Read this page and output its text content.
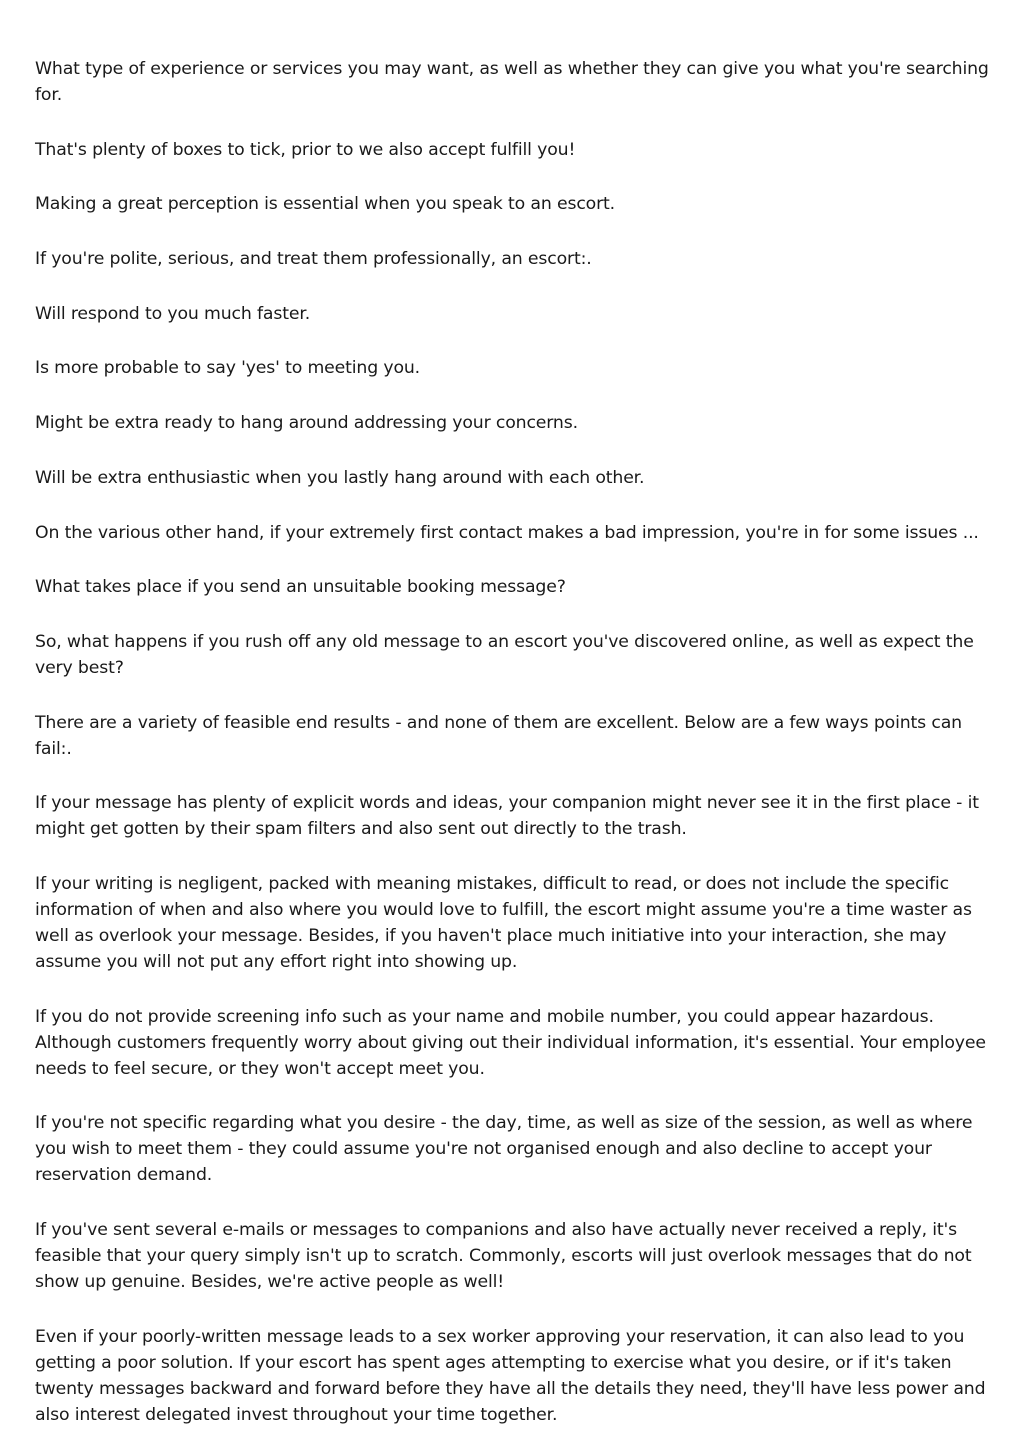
What type of experience or services you may want, as well as whether they can give you what you're searching for.

That's plenty of boxes to tick, prior to we also accept fulfill you!

Making a great perception is essential when you speak to an escort.

If you're polite, serious, and treat them professionally, an escort:.

Will respond to you much faster.

Is more probable to say 'yes' to meeting you.

Might be extra ready to hang around addressing your concerns.

Will be extra enthusiastic when you lastly hang around with each other.

On the various other hand, if your extremely first contact makes a bad impression, you're in for some issues ...

What takes place if you send an unsuitable booking message?

So, what happens if you rush off any old message to an escort you've discovered online, as well as expect the very best?

There are a variety of feasible end results - and none of them are excellent. Below are a few ways points can fail:.

If your message has plenty of explicit words and ideas, your companion might never see it in the first place - it might get gotten by their spam filters and also sent out directly to the trash.

If your writing is negligent, packed with meaning mistakes, difficult to read, or does not include the specific information of when and also where you would love to fulfill, the escort might assume you're a time waster as well as overlook your message. Besides, if you haven't place much initiative into your interaction, she may assume you will not put any effort right into showing up.

If you do not provide screening info such as your name and mobile number, you could appear hazardous. Although customers frequently worry about giving out their individual information, it's essential. Your employee needs to feel secure, or they won't accept meet you.

If you're not specific regarding what you desire - the day, time, as well as size of the session, as well as where you wish to meet them - they could assume you're not organised enough and also decline to accept your reservation demand.

If you've sent several e-mails or messages to companions and also have actually never received a reply, it's feasible that your query simply isn't up to scratch. Commonly, escorts will just overlook messages that do not show up genuine. Besides, we're active people as well!

Even if your poorly-written message leads to a sex worker approving your reservation, it can also lead to you getting a poor solution. If your escort has spent ages attempting to exercise what you desire, or if it's taken twenty messages backward and forward before they have all the details they need, they'll have less power and also interest delegated invest throughout your time together.
